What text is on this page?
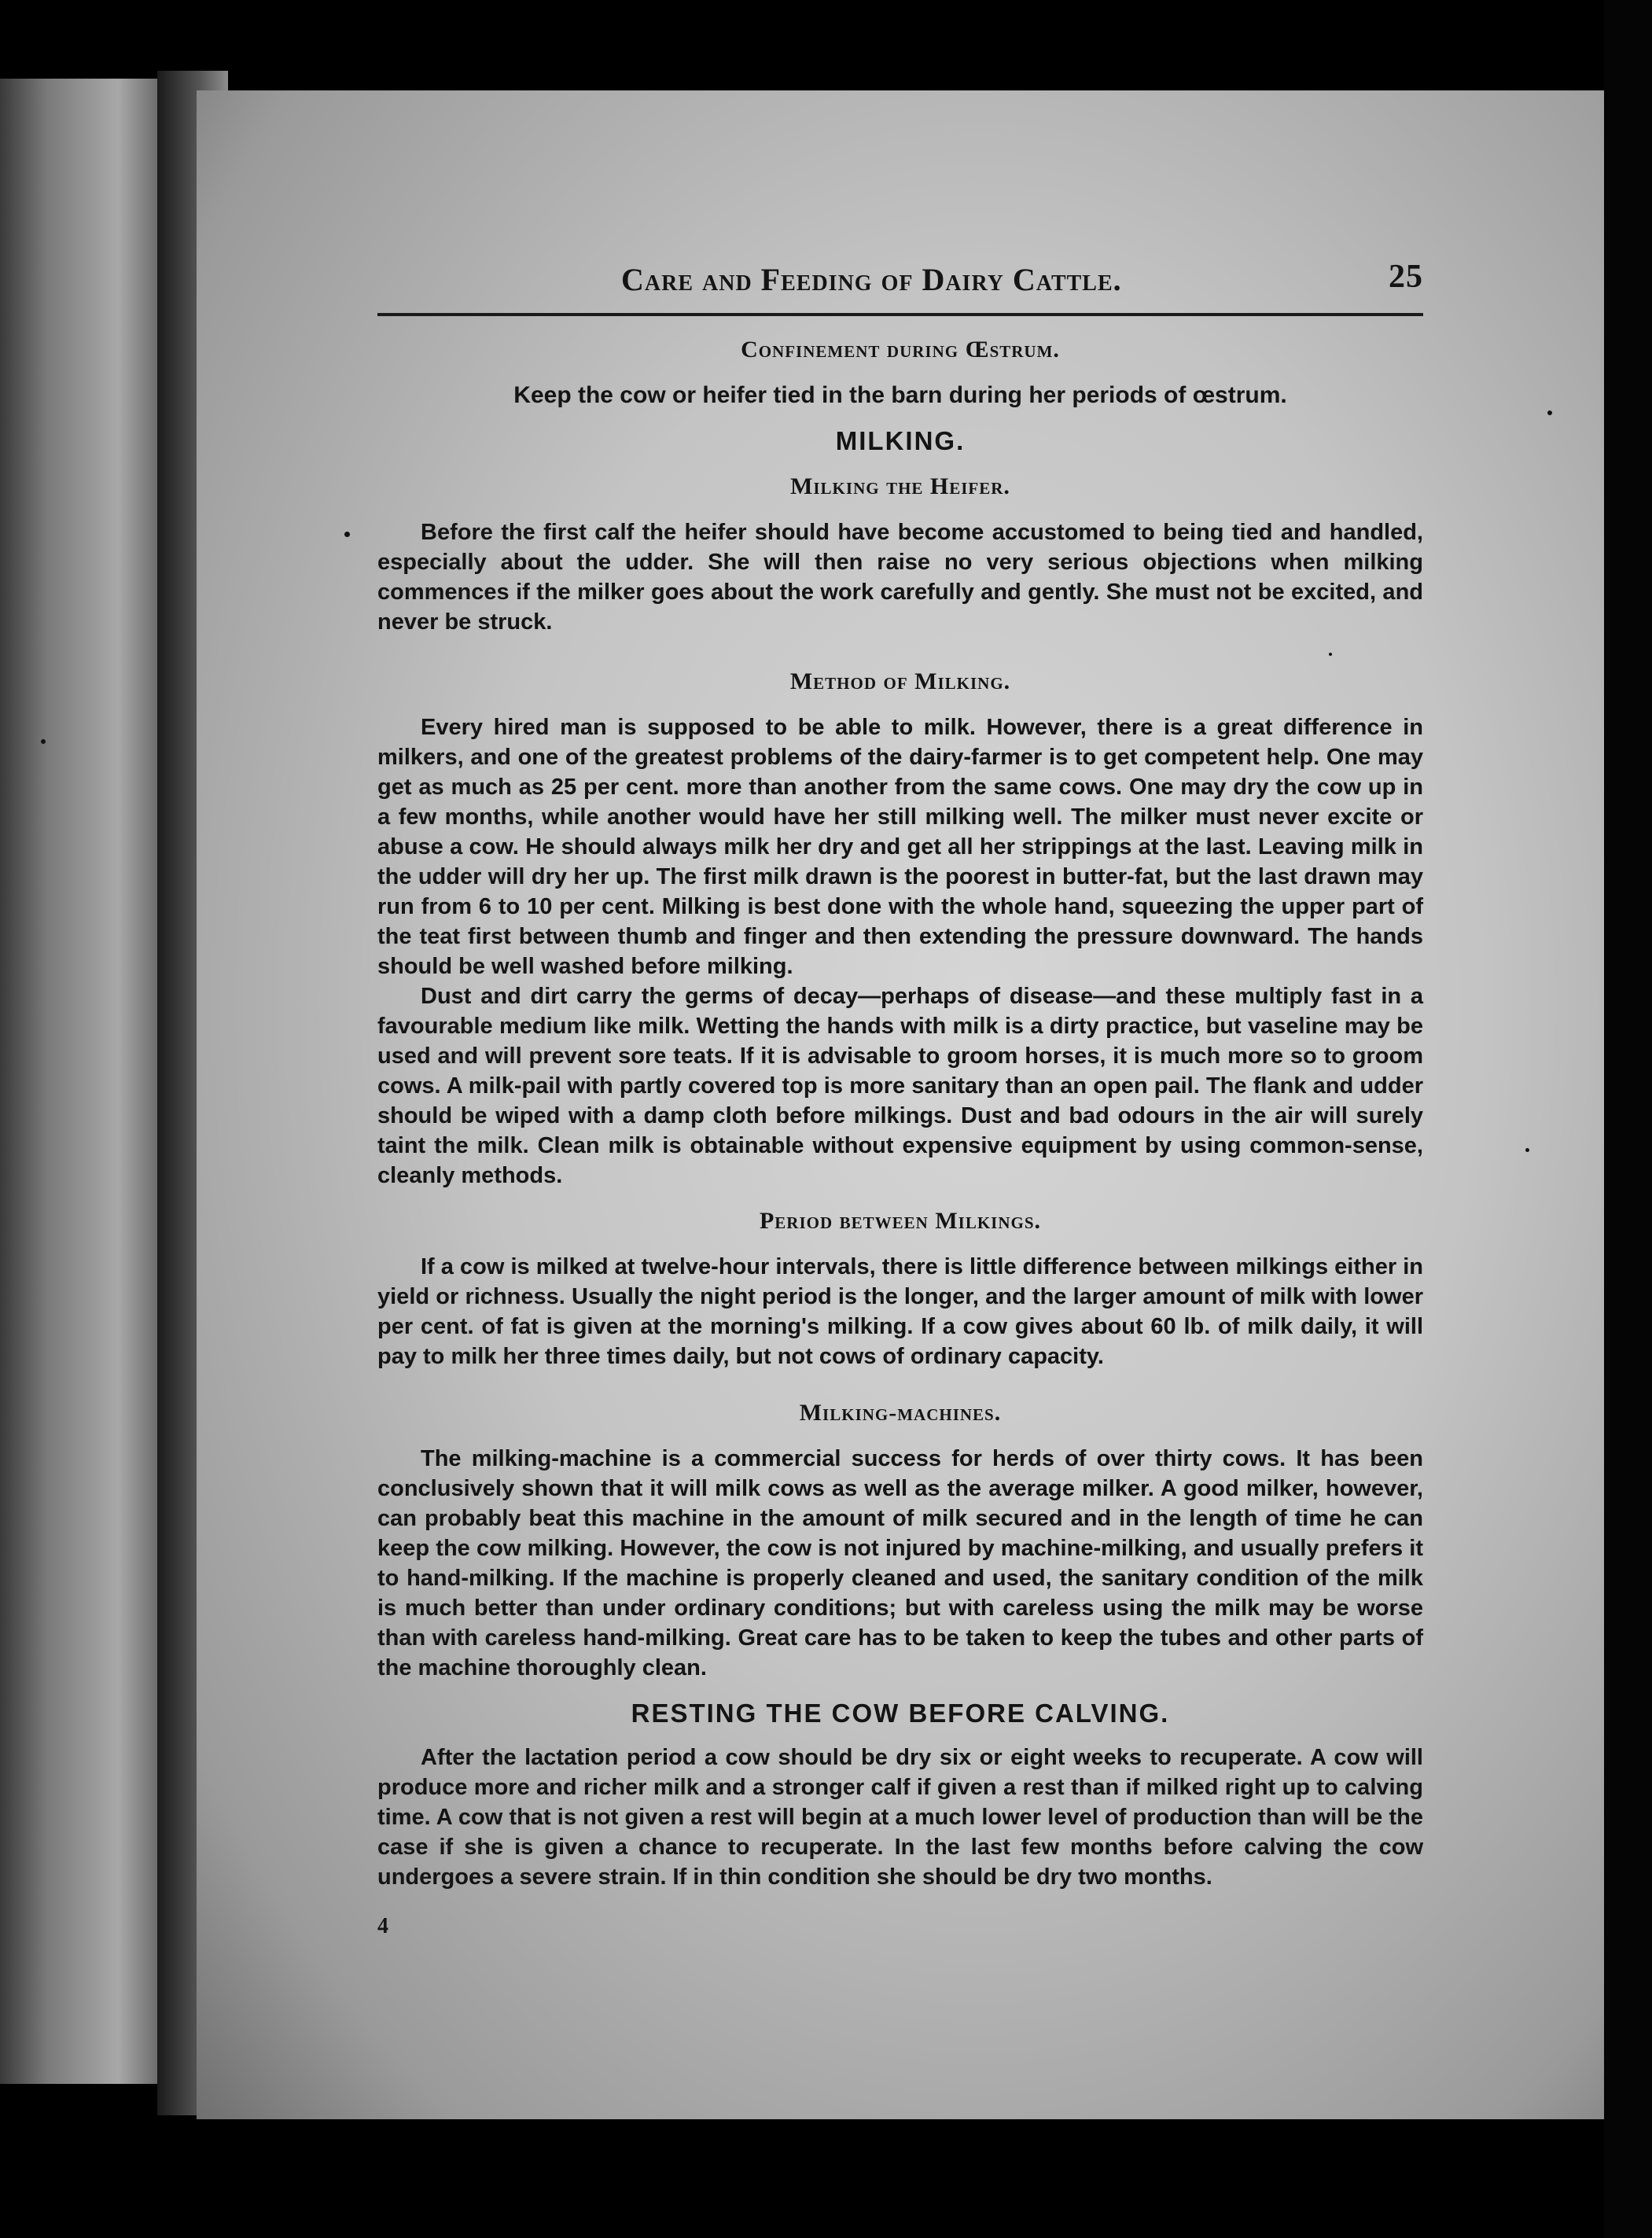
Care and Feeding of Dairy Cattle.	25
Confinement during Œstrum.

Keep the cow or heifer tied in the barn during her periods of œstrum.

MILKING.
Milking the Heifer.

Before the first calf the heifer should have become accustomed to being tied and handled, especially about the udder. She will then raise no very serious objections when milking commences if the milker goes about the work carefully and gently. She must not be excited, and never be struck.

Method of Milking.

Every hired man is supposed to be able to milk. However, there is a great difference in milkers, and one of the greatest problems of the dairy-farmer is to get competent help. One may get as much as 25 per cent. more than another from the same cows. One may dry the cow up in a few months, while another would have her still milking well. The milker must never excite or abuse a cow. He should always milk her dry and get all her strippings at the last. Leaving milk in the udder will dry her up. The first milk drawn is the poorest in butter-fat, but the last drawn may run from 6 to 10 per cent. Milking is best done with the whole hand, squeezing the upper part of the teat first between thumb and finger and then extending the pressure downward. The hands should be well washed before milking.

Dust and dirt carry the germs of decay—perhaps of disease—and these multiply fast in a favourable medium like milk. Wetting the hands with milk is a dirty practice, but vaseline may be used and will prevent sore teats. If it is advisable to groom horses, it is much more so to groom cows. A milk-pail with partly covered top is more sanitary than an open pail. The flank and udder should be wiped with a damp cloth before milkings. Dust and bad odours in the air will surely taint the milk. Clean milk is obtainable without expensive equipment by using common-sense, cleanly methods.

Period between Milkings.

If a cow is milked at twelve-hour intervals, there is little difference between milkings either in yield or richness. Usually the night period is the longer, and the larger amount of milk with lower per cent. of fat is given at the morning's milking. If a cow gives about 60 lb. of milk daily, it will pay to milk her three times daily, but not cows of ordinary capacity.

Milking-machines.

The milking-machine is a commercial success for herds of over thirty cows. It has been conclusively shown that it will milk cows as well as the average milker. A good milker, however, can probably beat this machine in the amount of milk secured and in the length of time he can keep the cow milking. However, the cow is not injured by machine-milking, and usually prefers it to hand-milking. If the machine is properly cleaned and used, the sanitary condition of the milk is much better than under ordinary conditions; but with careless using the milk may be worse than with careless hand-milking. Great care has to be taken to keep the tubes and other parts of the machine thoroughly clean.

RESTING THE COW BEFORE CALVING.

After the lactation period a cow should be dry six or eight weeks to recuperate. A cow will produce more and richer milk and a stronger calf if given a rest than if milked right up to calving time. A cow that is not given a rest will begin at a much lower level of production than will be the case if she is given a chance to recuperate. In the last few months before calving the cow undergoes a severe strain. If in thin condition she should be dry two months.

4
